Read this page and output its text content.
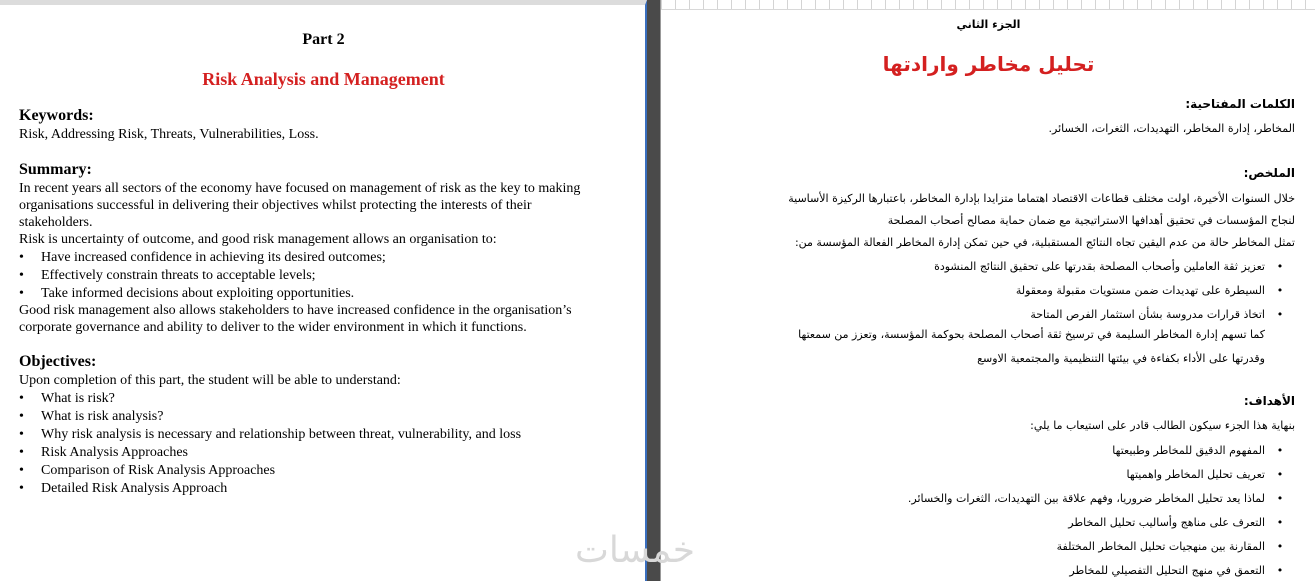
Part 2
Risk Analysis and Management
Keywords:
Risk, Addressing Risk, Threats, Vulnerabilities, Loss.
Summary:
In recent years all sectors of the economy have focused on management of risk as the key to making
organisations successful in delivering their objectives whilst protecting the interests of their
stakeholders.
Risk is uncertainty of outcome, and good risk management allows an organisation to:
• Have increased confidence in achieving its desired outcomes;
• Effectively constrain threats to acceptable levels;
• Take informed decisions about exploiting opportunities.
Good risk management also allows stakeholders to have increased confidence in the organisation’s
corporate governance and ability to deliver to the wider environment in which it functions.
Objectives:
Upon completion of this part, the student will be able to understand:
• What is risk?
• What is risk analysis?
• Why risk analysis is necessary and relationship between threat, vulnerability, and loss
• Risk Analysis Approaches
• Comparison of Risk Analysis Approaches
• Detailed Risk Analysis Approach
الجزء الثاني
تحليل مخاطر وارادتها
الكلمات المفتاحية:
المخاطر، إدارة المخاطر، التهديدات، الثغرات، الخسائر.
الملخص:
خلال السنوات الأخيرة، اولت مختلف قطاعات الاقتصاد اهتماما متزايدا بإدارة المخاطر، باعتبارها الركيزة الأساسية
لنجاح المؤسسات في تحقيق أهدافها الاستراتيجية مع ضمان حماية مصالح أصحاب المصلحة
تمثل المخاطر حالة من عدم اليقين تجاه النتائج المستقبلية، في حين تمكن إدارة المخاطر الفعالة المؤسسة من:
•تعزيز ثقة العاملين وأصحاب المصلحة بقدرتها على تحقيق النتائج المنشودة
•السيطرة على تهديدات ضمن مستويات مقبولة ومعقولة
•اتخاذ قرارات مدروسة بشأن استثمار الفرص المتاحة
كما تسهم إدارة المخاطر السليمة في ترسيخ ثقة أصحاب المصلحة بحوكمة المؤسسة، وتعزز من سمعتها
وقدرتها على الأداء بكفاءة في بيئتها التنظيمية والمجتمعية الاوسع
الأهداف:
بنهاية هذا الجزء سيكون الطالب قادر على استيعاب ما يلي:
•المفهوم الدقيق للمخاطر وطبيعتها
•تعريف تحليل المخاطر واهميتها
•لماذا يعد تحليل المخاطر ضروريا، وفهم علاقة بين التهديدات، الثغرات والخسائر.
•التعرف على مناهج وأساليب تحليل المخاطر
•المقارنة بين منهجيات تحليل المخاطر المختلفة
•التعمق في منهج التحليل التفصيلي للمخاطر
خمسات
